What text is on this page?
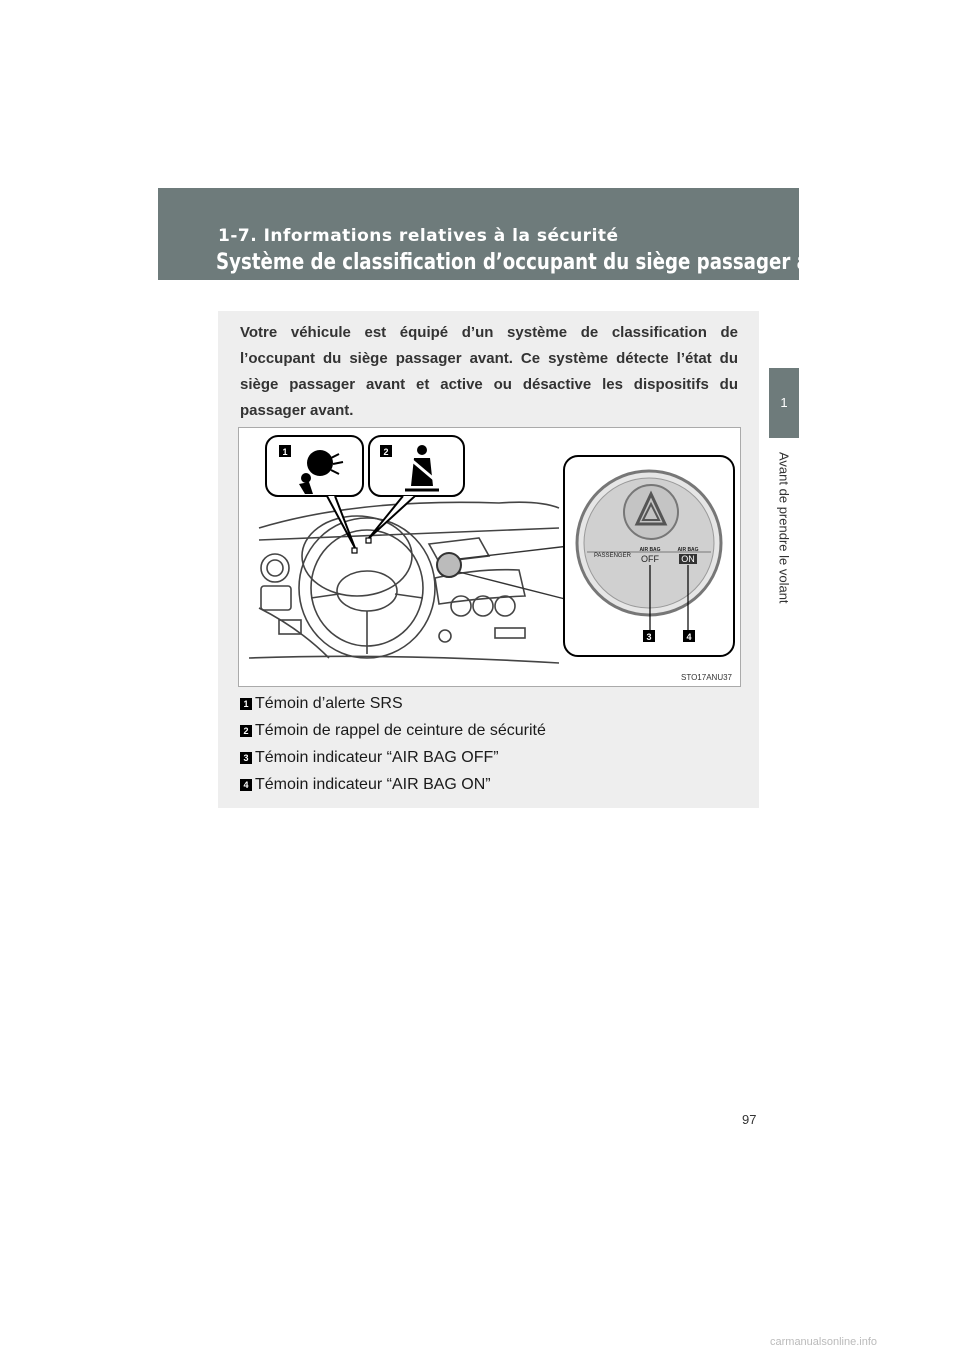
1-7. Informations relatives à la sécurité
Système de classification d’occupant du siège passager avant
1
Avant de prendre le volant
Votre véhicule est équipé d’un système de classification de l’occupant du siège passager avant. Ce système détecte l’état du siège passager avant et active ou désactive les dispositifs du passager avant.
1	2
PASSENGER
AIR BAG
OFF
AIR BAG
ON
3	4
STO17ANU37
1 Témoin d’alerte SRS
2 Témoin de rappel de ceinture de sécurité
3 Témoin indicateur “AIR BAG OFF”
4 Témoin indicateur “AIR BAG ON”
97
carmanualsonline.info
